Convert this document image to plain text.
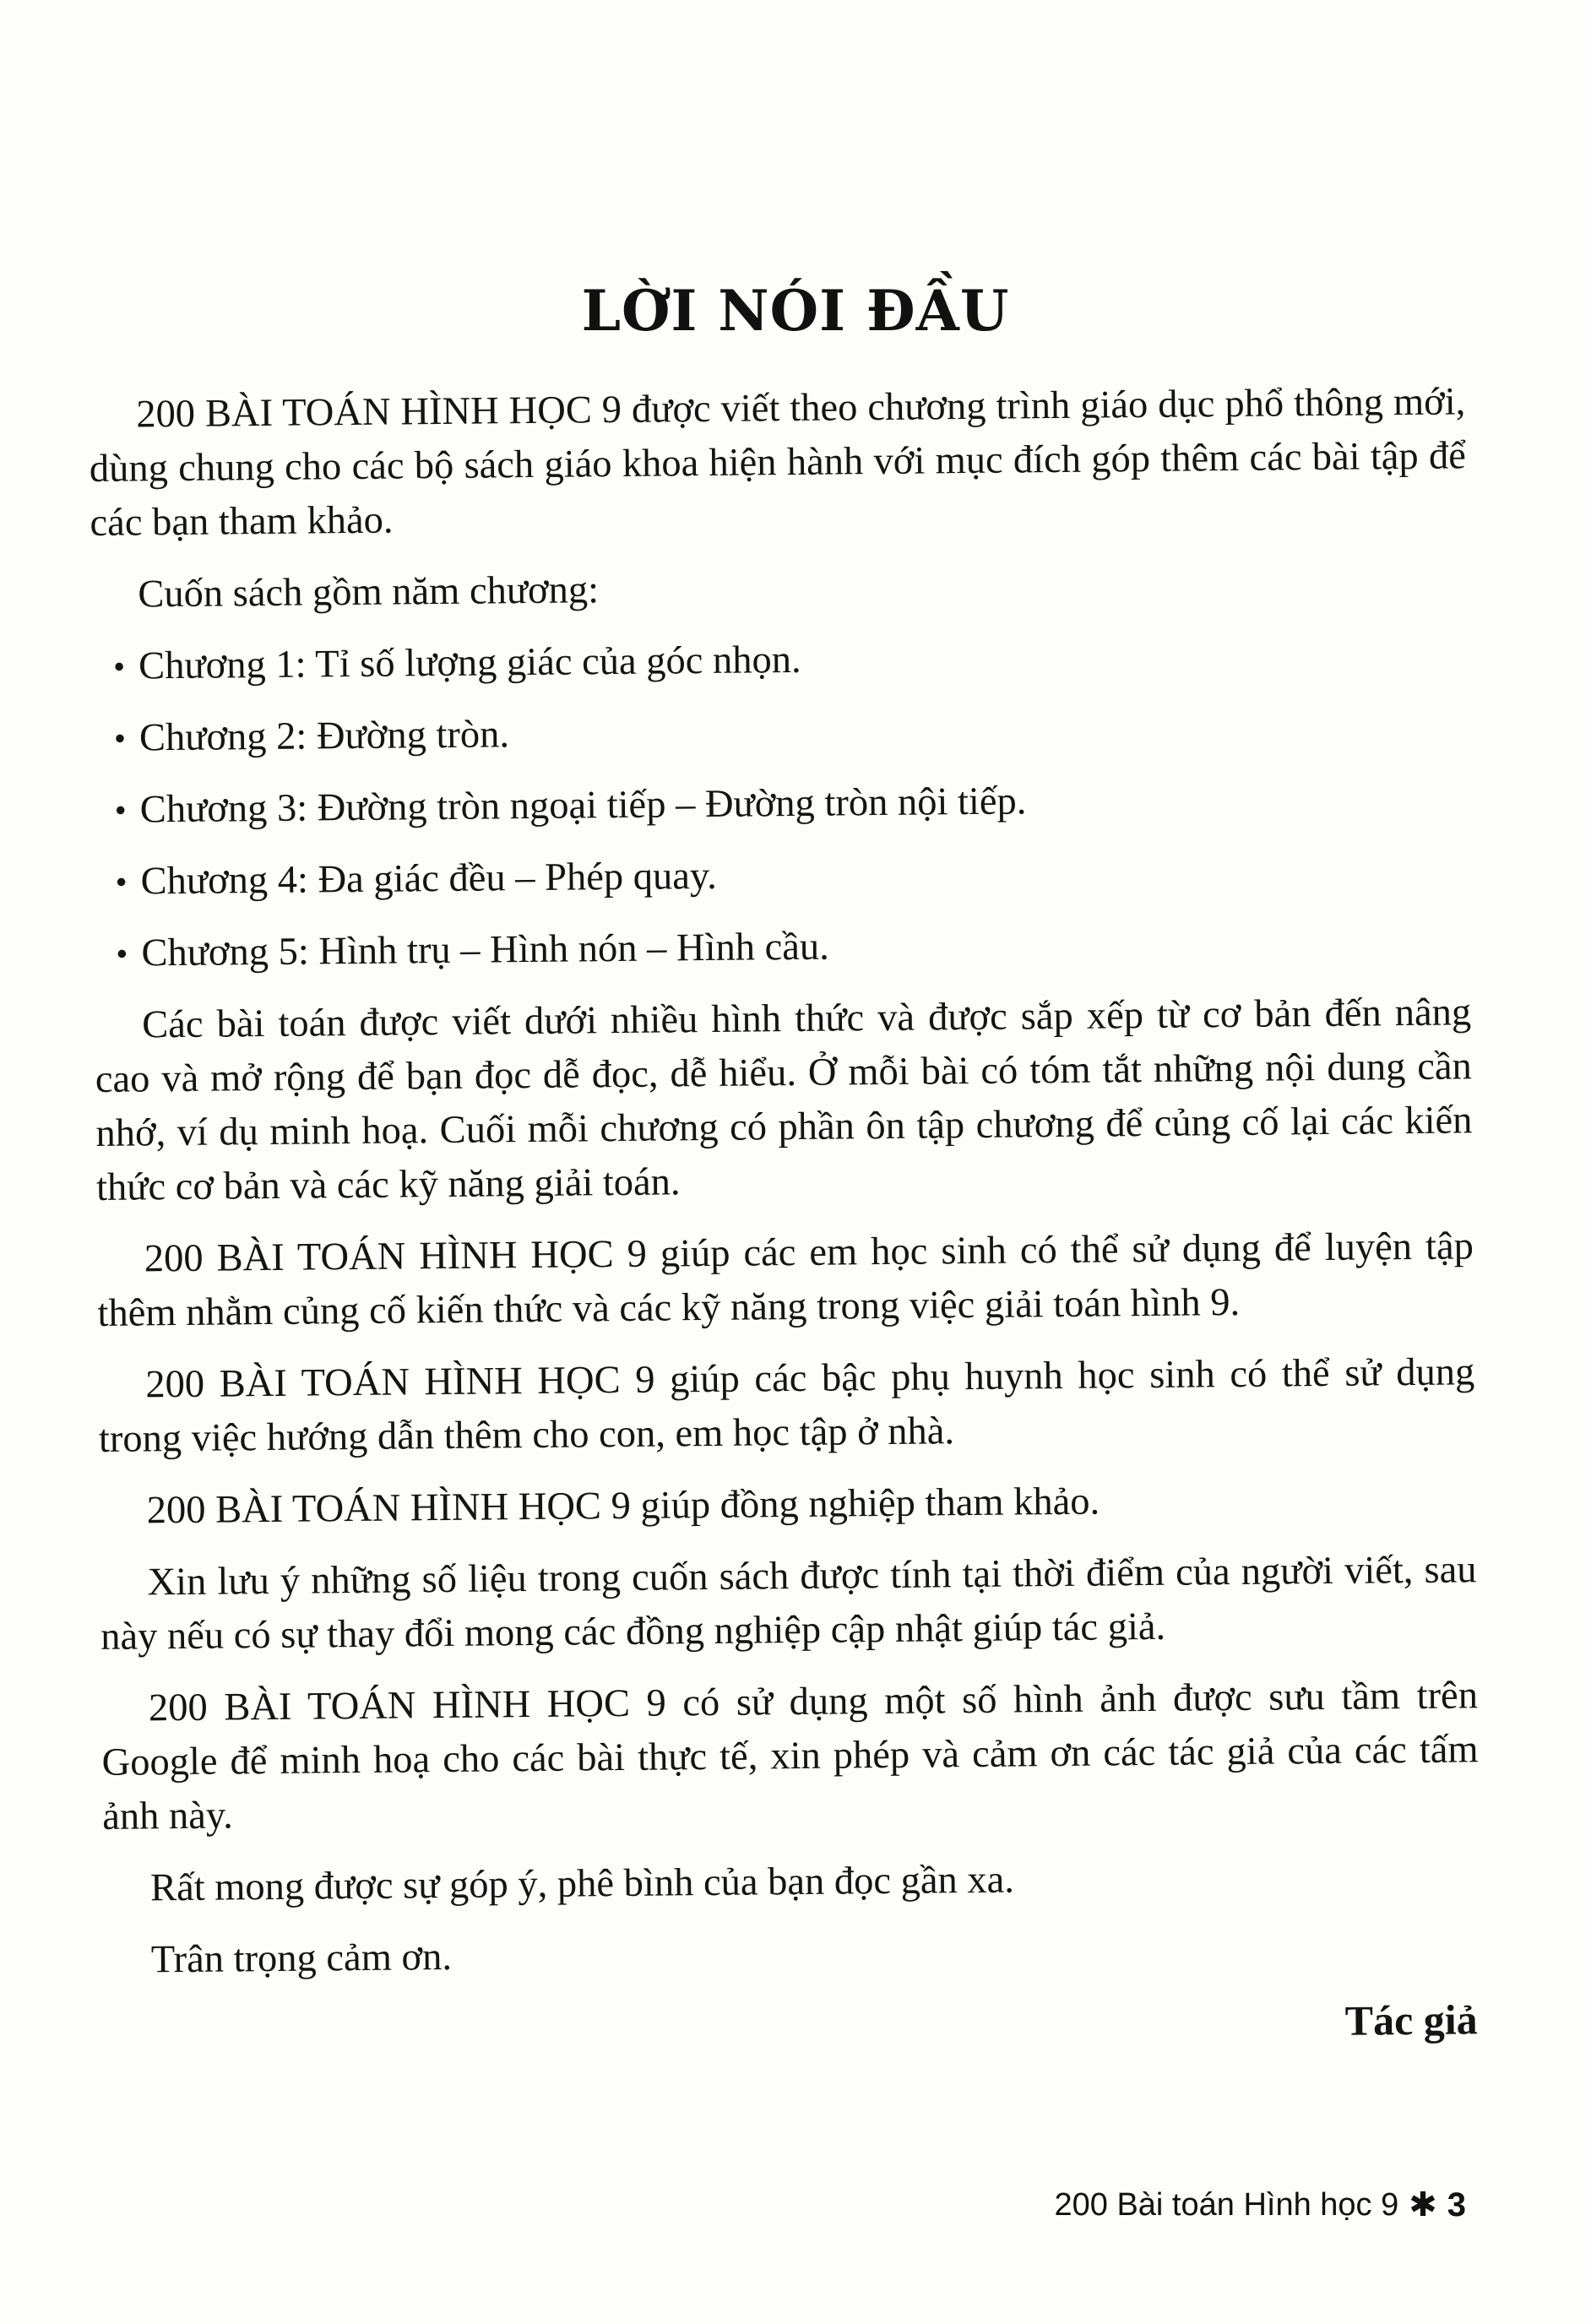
LỜI NÓI ĐẦU

200 BÀI TOÁN HÌNH HỌC 9 được viết theo chương trình giáo dục phổ thông mới, dùng chung cho các bộ sách giáo khoa hiện hành với mục đích góp thêm các bài tập để các bạn tham khảo.

Cuốn sách gồm năm chương:

• Chương 1: Tỉ số lượng giác của góc nhọn.
• Chương 2: Đường tròn.
• Chương 3: Đường tròn ngoại tiếp – Đường tròn nội tiếp.
• Chương 4: Đa giác đều – Phép quay.
• Chương 5: Hình trụ – Hình nón – Hình cầu.

Các bài toán được viết dưới nhiều hình thức và được sắp xếp từ cơ bản đến nâng cao và mở rộng để bạn đọc dễ đọc, dễ hiểu. Ở mỗi bài có tóm tắt những nội dung cần nhớ, ví dụ minh hoạ. Cuối mỗi chương có phần ôn tập chương để củng cố lại các kiến thức cơ bản và các kỹ năng giải toán.

200 BÀI TOÁN HÌNH HỌC 9 giúp các em học sinh có thể sử dụng để luyện tập thêm nhằm củng cố kiến thức và các kỹ năng trong việc giải toán hình 9.

200 BÀI TOÁN HÌNH HỌC 9 giúp các bậc phụ huynh học sinh có thể sử dụng trong việc hướng dẫn thêm cho con, em học tập ở nhà.

200 BÀI TOÁN HÌNH HỌC 9 giúp đồng nghiệp tham khảo.

Xin lưu ý những số liệu trong cuốn sách được tính tại thời điểm của người viết, sau này nếu có sự thay đổi mong các đồng nghiệp cập nhật giúp tác giả.

200 BÀI TOÁN HÌNH HỌC 9 có sử dụng một số hình ảnh được sưu tầm trên Google để minh hoạ cho các bài thực tế, xin phép và cảm ơn các tác giả của các tấm ảnh này.

Rất mong được sự góp ý, phê bình của bạn đọc gần xa.

Trân trọng cảm ơn.

Tác giả
200 Bài toán Hình học 9 ✱ 3
